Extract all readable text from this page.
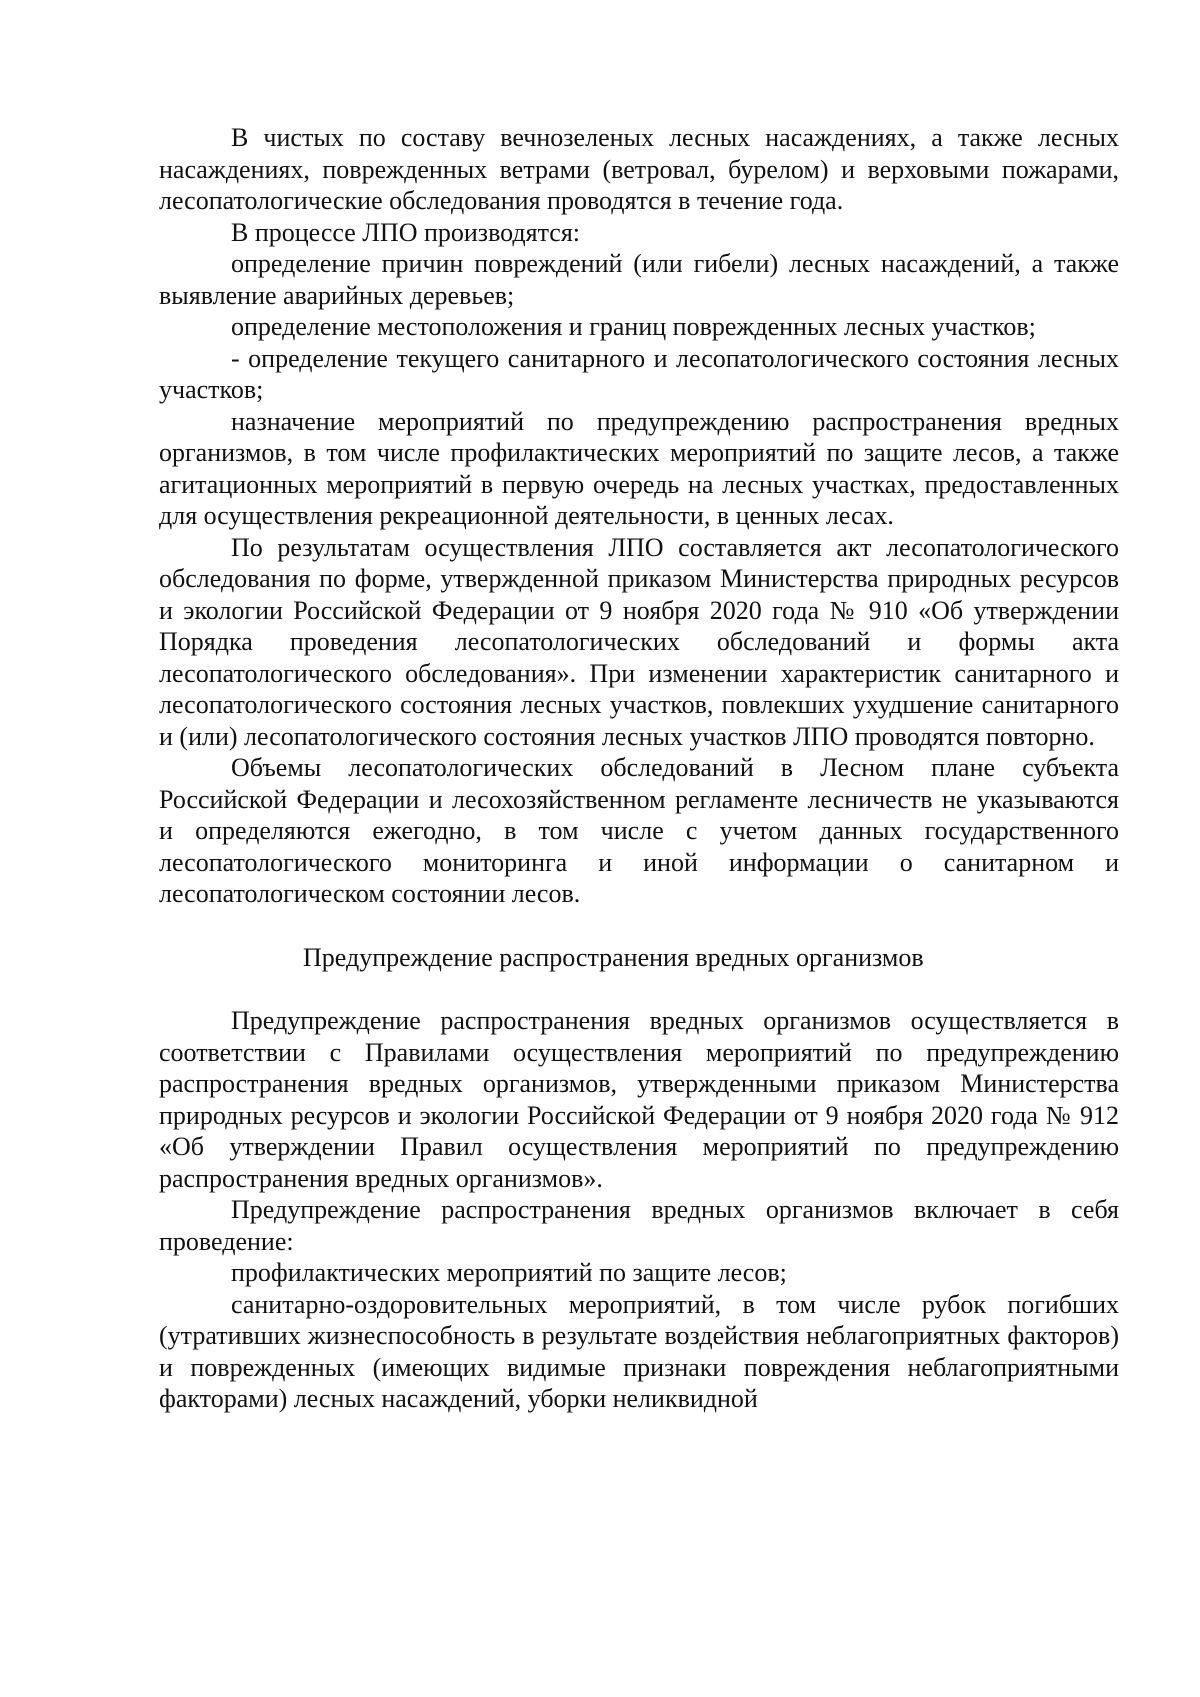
В чистых по составу вечнозеленых лесных насаждениях, а также лесных насаждениях, поврежденных ветрами (ветровал, бурелом) и верховыми пожарами, лесопатологические обследования проводятся в течение года.

В процессе ЛПО производятся:

определение причин повреждений (или гибели) лесных насаждений, а также выявление аварийных деревьев;

определение местоположения и границ поврежденных лесных участков;

- определение текущего санитарного и лесопатологического состояния лесных участков;

назначение мероприятий по предупреждению распространения вредных организмов, в том числе профилактических мероприятий по защите лесов, а также агитационных мероприятий в первую очередь на лесных участках, предоставленных для осуществления рекреационной деятельности, в ценных лесах.

По результатам осуществления ЛПО составляется акт лесопатологического обследования по форме, утвержденной приказом Министерства природных ресурсов и экологии Российской Федерации от 9 ноября 2020 года № 910 «Об утверждении Порядка проведения лесопатологических обследований и формы акта лесопатологического обследования». При изменении характеристик санитарного и лесопатологического состояния лесных участков, повлекших ухудшение санитарного и (или) лесопатологического состояния лесных участков ЛПО проводятся повторно.

Объемы лесопатологических обследований в Лесном плане субъекта Российской Федерации и лесохозяйственном регламенте лесничеств не указываются и определяются ежегодно, в том числе с учетом данных государственного лесопатологического мониторинга и иной информации о санитарном и лесопатологическом состоянии лесов.

Предупреждение распространения вредных организмов

Предупреждение распространения вредных организмов осуществляется в соответствии с Правилами осуществления мероприятий по предупреждению распространения вредных организмов, утвержденными приказом Министерства природных ресурсов и экологии Российской Федерации от 9 ноября 2020 года № 912 «Об утверждении Правил осуществления мероприятий по предупреждению распространения вредных организмов».

Предупреждение распространения вредных организмов включает в себя проведение:

профилактических мероприятий по защите лесов;

санитарно-оздоровительных мероприятий, в том числе рубок погибших (утративших жизнеспособность в результате воздействия неблагоприятных факторов) и поврежденных (имеющих видимые признаки повреждения неблагоприятными факторами) лесных насаждений, уборки неликвидной
